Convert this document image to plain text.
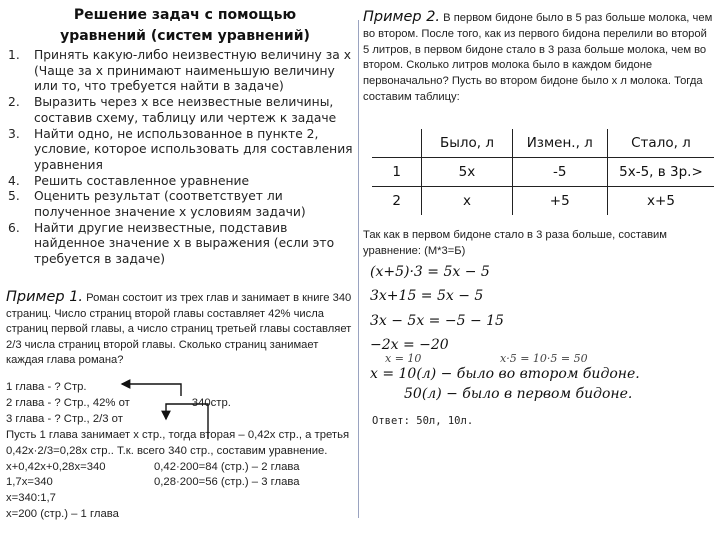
Решение задач с помощью уравнений (систем уравнений)
1. Принять какую-либо неизвестную величину за х (Чаще за х принимают наименьшую величину или то, что требуется найти в задаче)
2. Выразить через х все неизвестные величины, составив схему, таблицу или чертеж к задаче
3. Найти одно, не использованное в пункте 2, условие, которое использовать для составления уравнения
4. Решить составленное уравнение
5. Оценить результат (соответствует ли полученное значение х условиям задачи)
6. Найти другие неизвестные, подставив найденное значение х в выражения (если это требуется в задаче)
Пример 1. Роман состоит из трех глав и занимает в книге 340 страниц. Число страниц второй главы составляет 42% числа страниц первой главы, а число страниц третьей главы составляет 2/3 числа страниц второй главы. Сколько страниц занимает каждая глава романа?
1 глава - ? Стр.
2 глава - ? Стр., 42% от	340стр.
3 глава - ? Стр., 2/3 от
Пусть 1 глава занимает х стр., тогда вторая – 0,42х стр., а третья 0,42х·2/3=0,28х стр.. Т.к. всего 340 стр., составим уравнение.
х+0,42х+0,28х=340	0,42·200=84 (стр.) – 2 глава
1,7х=340	0,28·200=56 (стр.) – 3 глава
х=340:1,7
х=200 (стр.) – 1 глава
Пример 2. В первом бидоне было в 5 раз больше молока, чем во втором. После того, как из первого бидона перелили во второй 5 литров, в первом бидоне стало в 3 раза больше молока, чем во втором. Сколько литров молока было в каждом бидоне первоначально? Пусть во втором бидоне было х л молока. Тогда составим таблицу:
	Было, л	Измен., л	Стало, л
1	5х	-5	5х-5, в 3р.>
2	х	+5	х+5
Так как в первом бидоне стало в 3 раза больше, составим уравнение: (М*3=Б)
(x+5)·3 = 5x − 5
3x+15 = 5x − 5
3x − 5x = −5 − 15
−2x = −20
x = 10	x·5 = 10·5 = 50
x = 10(л) − было во втором бидоне.
50(л) − было в первом бидоне.
Ответ: 50л, 10л.
